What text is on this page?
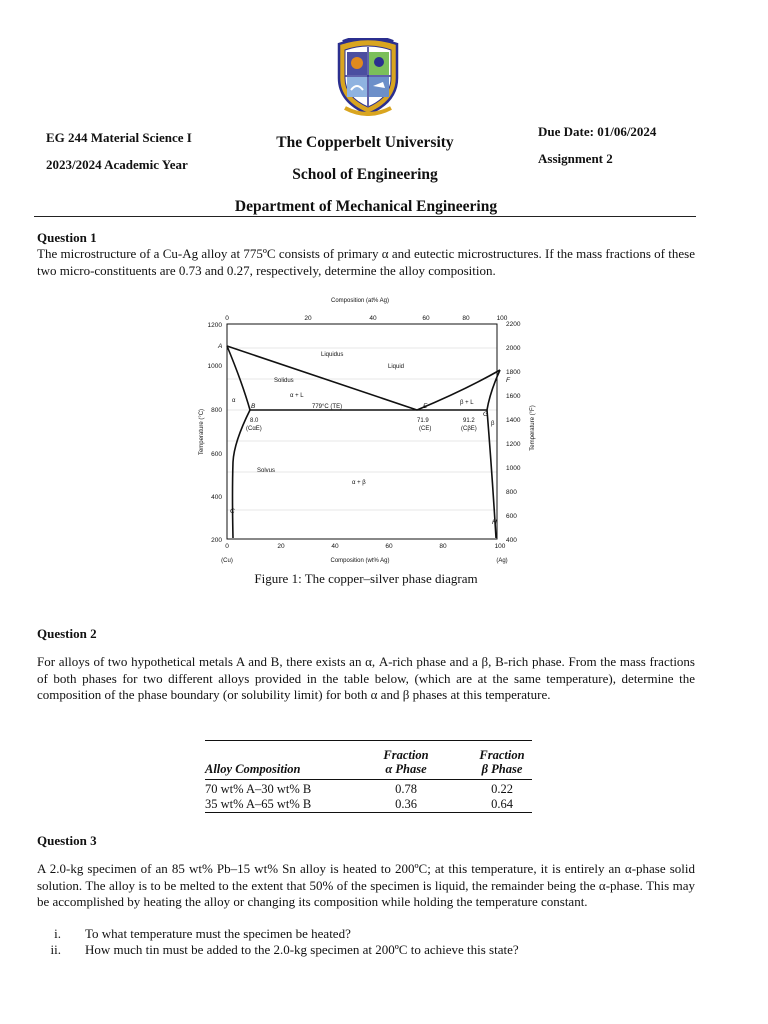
EG 244 Material Science I
2023/2024 Academic Year
The Copperbelt University
School of Engineering
Department of Mechanical Engineering
Due Date: 01/06/2024
Assignment 2
Question 1
The microstructure of a Cu-Ag alloy at 775ºC consists of primary α and eutectic microstructures. If the mass fractions of these two micro-constituents are 0.73 and 0.27, respectively, determine the alloy composition.
0	20	40	60	80	100
0	20	40	60	80	100
1200
1000
800
600
400
200
2200
2000
1800
1600
1400
1200
1000
800
600
400
Composition (at% Ag)
Composition (wt% Ag)
(Cu)	(Ag)
Temperature (°C)	Temperature (°F)
Liquidus
Liquid
Solidus
α + L
β + L
α + β
Solvus
α
β
779°C (TE)
8.0
(CαE)
71.9
(CE)
91.2
(CβE)
A
B
C
E
F
G
H
Figure 1: The copper–silver phase diagram
Question 2
For alloys of two hypothetical metals A and B, there exists an α, A-rich phase and a β, B-rich phase. From the mass fractions of both phases for two different alloys provided in the table below, (which are at the same temperature), determine the composition of the phase boundary (or solubility limit) for both α and β phases at this temperature.
Alloy Composition
Fraction
α Phase
Fraction
β Phase
70 wt% A–30 wt% B	0.78	0.22
35 wt% A–65 wt% B	0.36	0.64
Question 3
A 2.0-kg specimen of an 85 wt% Pb–15 wt% Sn alloy is heated to 200ºC; at this temperature, it is entirely an α-phase solid solution. The alloy is to be melted to the extent that 50% of the specimen is liquid, the remainder being the α-phase. This may be accomplished by heating the alloy or changing its composition while holding the temperature constant.
i. To what temperature must the specimen be heated?
ii. How much tin must be added to the 2.0-kg specimen at 200ºC to achieve this state?
